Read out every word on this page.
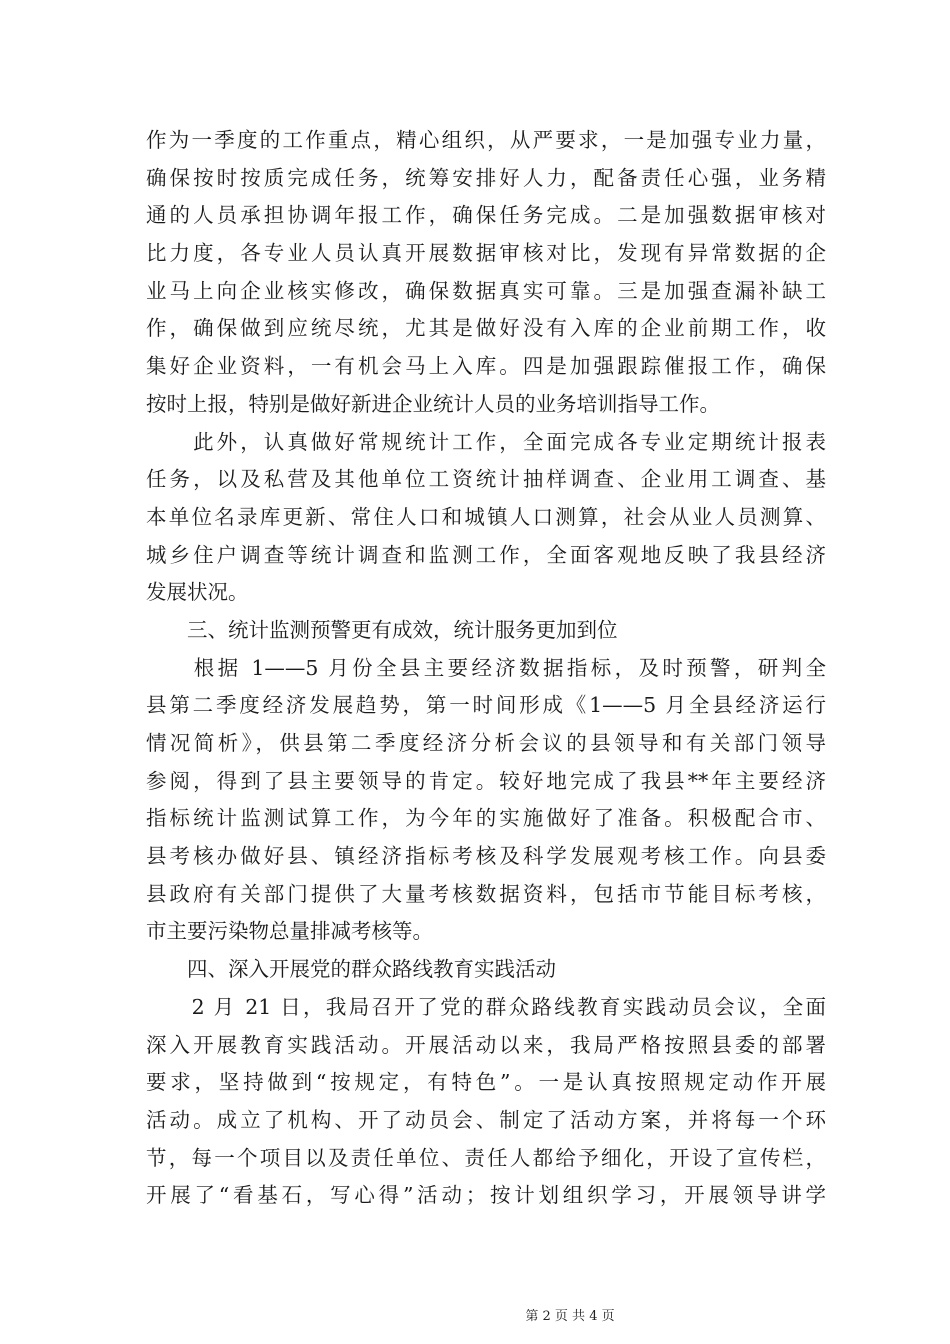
作为一季度的工作重点，精心组织，从严要求，一是加强专业力量，
确保按时按质完成任务，统筹安排好人力，配备责任心强，业务精
通的人员承担协调年报工作，确保任务完成。二是加强数据审核对
比力度，各专业人员认真开展数据审核对比，发现有异常数据的企
业马上向企业核实修改，确保数据真实可靠。三是加强查漏补缺工
作，确保做到应统尽统，尤其是做好没有入库的企业前期工作，收
集好企业资料，一有机会马上入库。四是加强跟踪催报工作，确保
按时上报，特别是做好新进企业统计人员的业务培训指导工作。
　　此外，认真做好常规统计工作，全面完成各专业定期统计报表
任务，以及私营及其他单位工资统计抽样调查、企业用工调查、基
本单位名录库更新、常住人口和城镇人口测算，社会从业人员测算、
城乡住户调查等统计调查和监测工作，全面客观地反映了我县经济
发展状况。
　　三、统计监测预警更有成效，统计服务更加到位
　　根据 1——5 月份全县主要经济数据指标，及时预警，研判全
县第二季度经济发展趋势，第一时间形成《1——5 月全县经济运行
情况简析》，供县第二季度经济分析会议的县领导和有关部门领导
参阅，得到了县主要领导的肯定。较好地完成了我县**年主要经济
指标统计监测试算工作，为今年的实施做好了准备。积极配合市、
县考核办做好县、镇经济指标考核及科学发展观考核工作。向县委
县政府有关部门提供了大量考核数据资料，包括市节能目标考核，
市主要污染物总量排减考核等。
　　四、深入开展党的群众路线教育实践活动
　　2 月 21 日，我局召开了党的群众路线教育实践动员会议，全面
深入开展教育实践活动。开展活动以来，我局严格按照县委的部署
要求，坚持做到“按规定，有特色”。一是认真按照规定动作开展
活动。成立了机构、开了动员会、制定了活动方案，并将每一个环
节，每一个项目以及责任单位、责任人都给予细化，开设了宣传栏，
开展了“看基石，写心得”活动；按计划组织学习，开展领导讲学
第 2 页 共 4 页
